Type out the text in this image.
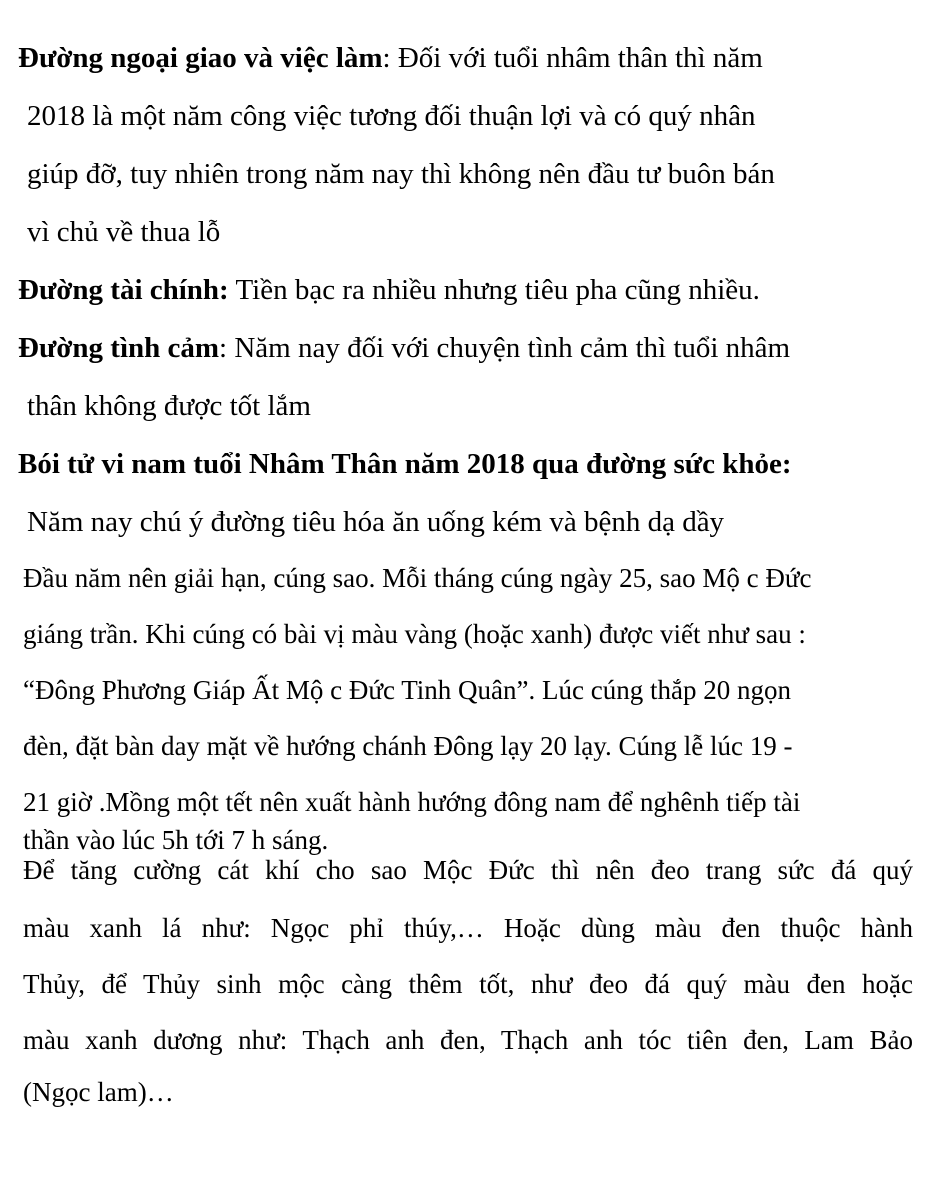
Đường ngoại giao và việc làm: Đối với tuổi nhâm thân thì năm
2018 là một năm công việc tương đối thuận lợi và có quý nhân
giúp đỡ, tuy nhiên trong năm nay thì không nên đầu tư buôn bán
vì chủ về thua lỗ
Đường tài chính: Tiền bạc ra nhiều nhưng tiêu pha cũng nhiều.
Đường tình cảm: Năm nay đối với chuyện tình cảm thì tuổi nhâm
thân không được tốt lắm
Bói tử vi nam tuổi Nhâm Thân năm 2018 qua đường sức khỏe:
Năm nay chú ý đường tiêu hóa ăn uống kém và bệnh dạ dầy
Đầu năm nên giải hạn, cúng sao. Mỗi tháng cúng ngày 25, sao Mộ c Đức
giáng trần. Khi cúng có bài vị màu vàng (hoặc xanh) được viết như sau :
“Đông Phương Giáp Ất Mộ c Đức Tinh Quân”. Lúc cúng thắp 20 ngọn
đèn, đặt bàn day mặt về hướng chánh Đông lạy 20 lạy. Cúng lễ lúc 19 -
21 giờ .Mồng một tết nên xuất hành hướng đông nam để nghênh tiếp tài
thần vào lúc 5h tới 7 h sáng.
Để tăng cường cát khí cho sao Mộc Đức thì nên đeo trang sức đá quý
màu xanh lá như: Ngọc phỉ thúy,… Hoặc dùng màu đen thuộc hành
Thủy, để Thủy sinh mộc càng thêm tốt, như đeo đá quý màu đen hoặc
màu xanh dương như: Thạch anh đen, Thạch anh tóc tiên đen, Lam Bảo
(Ngọc lam)…
